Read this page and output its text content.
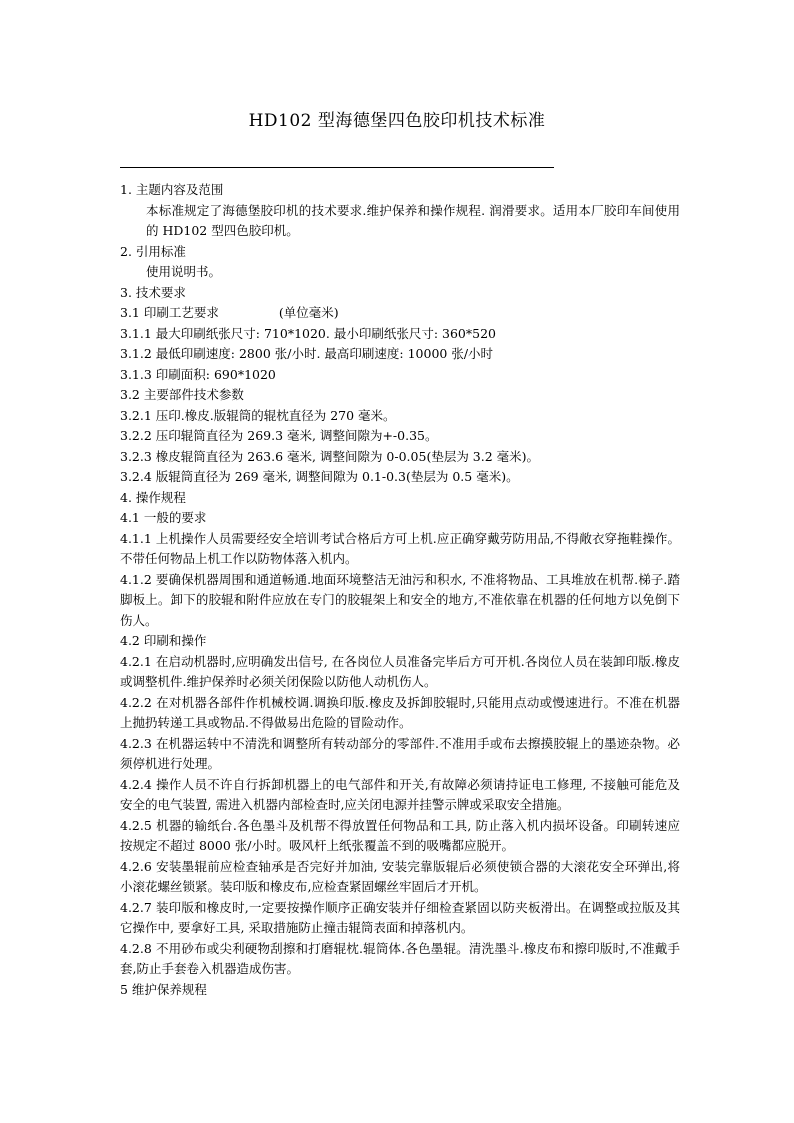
HD102 型海德堡四色胶印机技术标准

1. 主题内容及范围

本标准规定了海德堡胶印机的技术要求.维护保养和操作规程. 润滑要求。适用本厂胶印车间使用的 HD102 型四色胶印机。

2. 引用标准

使用说明书。

3. 技术要求

3.1 印刷工艺要求	(单位毫米)

3.1.1 最大印刷纸张尺寸: 710*1020. 最小印刷纸张尺寸: 360*520

3.1.2 最低印刷速度: 2800 张/小时. 最高印刷速度: 10000 张/小时

3.1.3 印刷面积: 690*1020

3.2 主要部件技术参数

3.2.1 压印.橡皮.版辊筒的辊枕直径为 270 毫米。

3.2.2 压印辊筒直径为 269.3 毫米, 调整间隙为+-0.35。

3.2.3 橡皮辊筒直径为 263.6 毫米, 调整间隙为 0-0.05(垫层为 3.2 毫米)。

3.2.4 版辊筒直径为 269 毫米, 调整间隙为 0.1-0.3(垫层为 0.5 毫米)。

4. 操作规程

4.1 一般的要求

4.1.1 上机操作人员需要经安全培训考试合格后方可上机.应正确穿戴劳防用品,不得敞衣穿拖鞋操作。不带任何物品上机工作以防物体落入机内。

4.1.2 要确保机器周围和通道畅通.地面环境整洁无油污和积水, 不准将物品、工具堆放在机帮.梯子.踏脚板上。卸下的胶辊和附件应放在专门的胶辊架上和安全的地方,不准依靠在机器的任何地方以免倒下伤人。

4.2 印刷和操作

4.2.1 在启动机器时,应明确发出信号, 在各岗位人员准备完毕后方可开机.各岗位人员在装卸印版.橡皮或调整机件.维护保养时必须关闭保险以防他人动机伤人。

4.2.2 在对机器各部件作机械校调.调换印版.橡皮及拆卸胶辊时,只能用点动或慢速进行。不准在机器上抛扔转递工具或物品.不得做易出危险的冒险动作。

4.2.3 在机器运转中不清洗和调整所有转动部分的零部件.不准用手或布去擦摸胶辊上的墨迹杂物。必须停机进行处理。

4.2.4 操作人员不许自行拆卸机器上的电气部件和开关,有故障必须请持证电工修理, 不接触可能危及安全的电气装置, 需进入机器内部检查时,应关闭电源并挂警示牌或采取安全措施。

4.2.5 机器的输纸台.各色墨斗及机帮不得放置任何物品和工具, 防止落入机内损坏设备。印刷转速应按规定不超过 8000 张/小时。吸风杆上纸张覆盖不到的吸嘴都应脱开。

4.2.6 安装墨辊前应检查轴承是否完好并加油, 安装完靠版辊后必须使锁合器的大滚花安全环弹出,将小滚花螺丝锁紧。装印版和橡皮布,应检查紧固螺丝牢固后才开机。

4.2.7 装印版和橡皮时,一定要按操作顺序正确安装并仔细检查紧固以防夹板滑出。在调整或拉版及其它操作中, 要拿好工具, 采取措施防止撞击辊筒表面和掉落机内。

4.2.8 不用砂布或尖利硬物刮擦和打磨辊枕.辊筒体.各色墨辊。清洗墨斗.橡皮布和擦印版时,不准戴手套,防止手套卷入机器造成伤害。

5 维护保养规程
